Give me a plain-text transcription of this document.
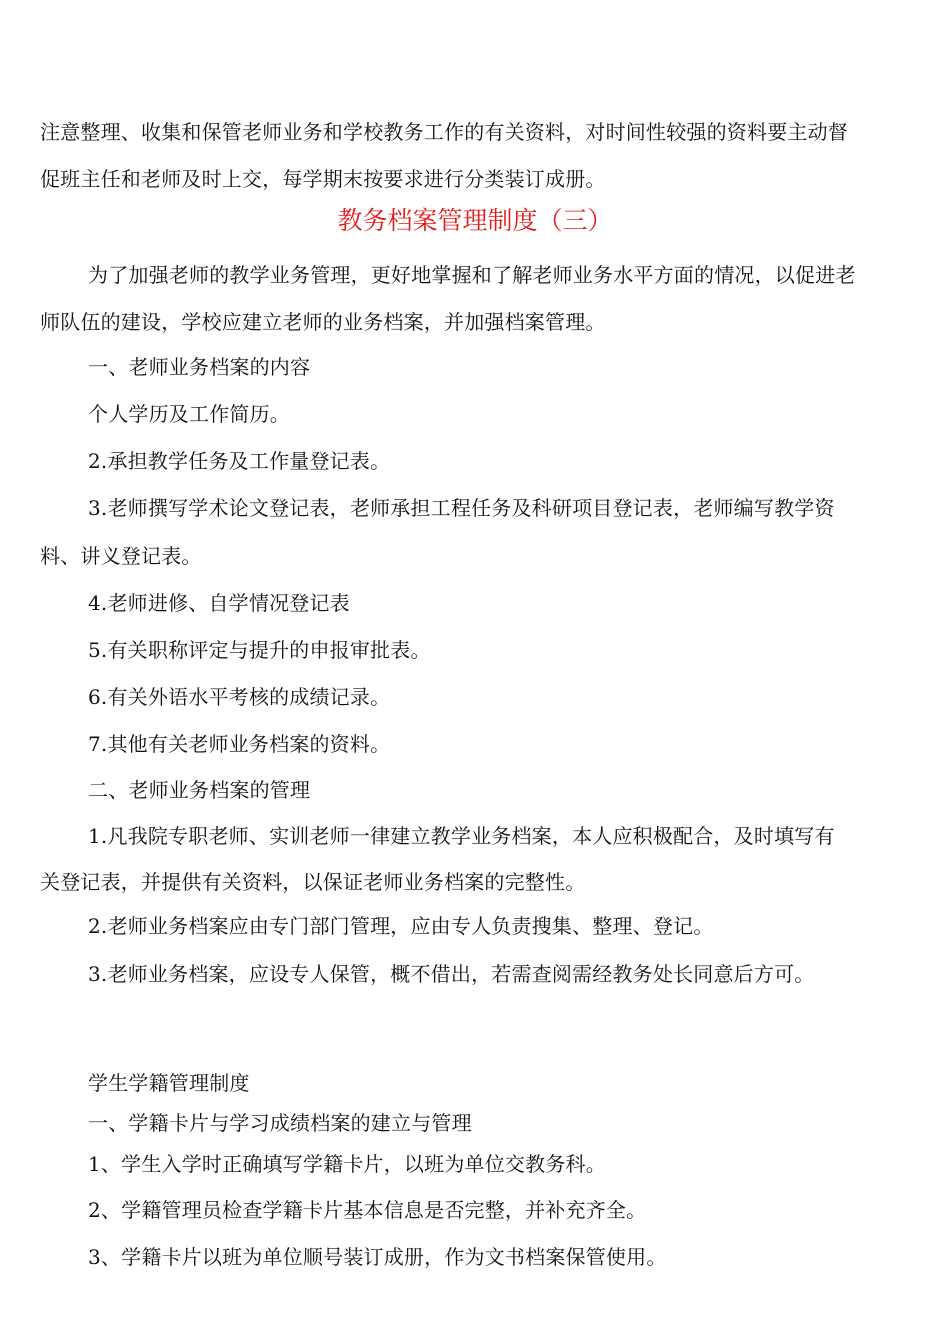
注意整理、收集和保管老师业务和学校教务工作的有关资料，对时间性较强的资料要主动督
促班主任和老师及时上交，每学期末按要求进行分类装订成册。
教务档案管理制度（三）
为了加强老师的教学业务管理，更好地掌握和了解老师业务水平方面的情况，以促进老
师队伍的建设，学校应建立老师的业务档案，并加强档案管理。
一、老师业务档案的内容
个人学历及工作简历。
2.承担教学任务及工作量登记表。
3.老师撰写学术论文登记表，老师承担工程任务及科研项目登记表，老师编写教学资
料、讲义登记表。
4.老师进修、自学情况登记表
5.有关职称评定与提升的申报审批表。
6.有关外语水平考核的成绩记录。
7.其他有关老师业务档案的资料。
二、老师业务档案的管理
1.凡我院专职老师、实训老师一律建立教学业务档案，本人应积极配合，及时填写有
关登记表，并提供有关资料，以保证老师业务档案的完整性。
2.老师业务档案应由专门部门管理，应由专人负责搜集、整理、登记。
3.老师业务档案，应设专人保管，概不借出，若需查阅需经教务处长同意后方可。
学生学籍管理制度
一、学籍卡片与学习成绩档案的建立与管理
1、学生入学时正确填写学籍卡片，以班为单位交教务科。
2、学籍管理员检查学籍卡片基本信息是否完整，并补充齐全。
3、学籍卡片以班为单位顺号装订成册，作为文书档案保管使用。
